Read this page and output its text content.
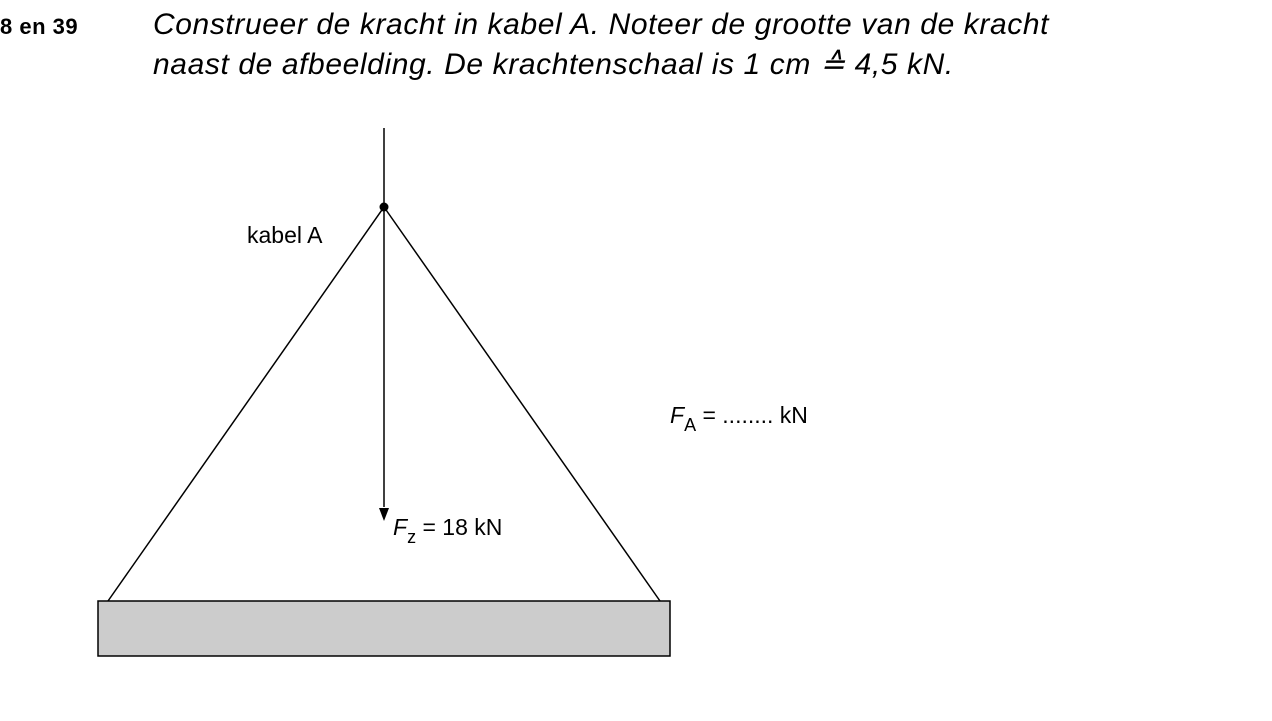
8 en 39 Construeer de kracht in kabel A. Noteer de grootte van de kracht
naast de afbeelding. De krachtenschaal is 1 cm ≙ 4,5 kN.
kabel A
$F_z = 18$ kN
$F_A$ = ........ kN
